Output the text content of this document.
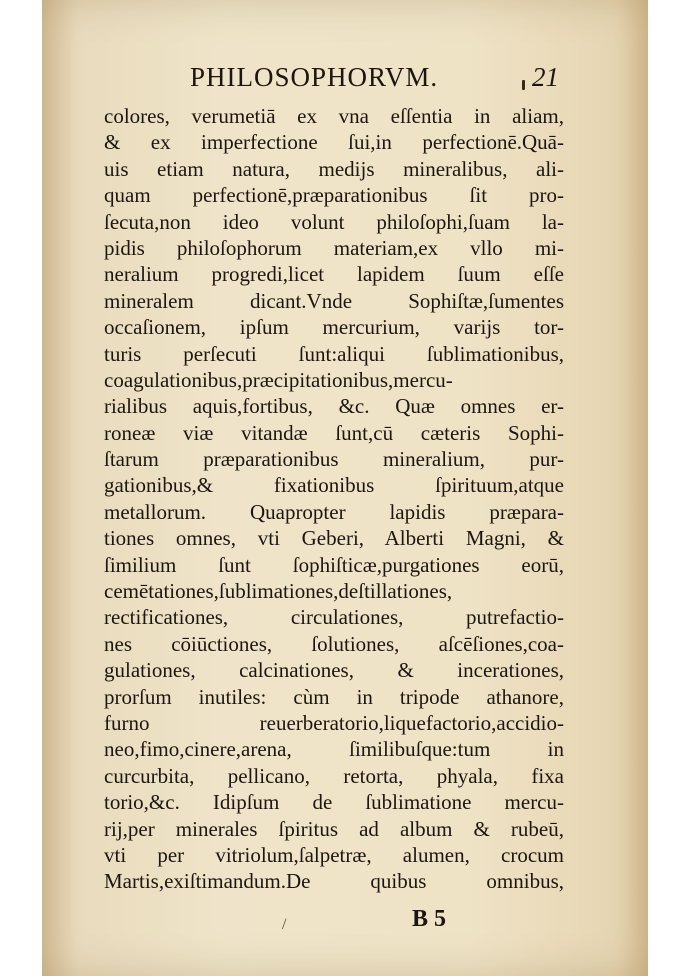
PHILOSOPHORVM.	21
colores, verumetiā ex vna eſſentia in aliam,
& ex imperfectione ſui,in perfectionē.Quā-
uis etiam natura, medijs mineralibus, ali-
quam perfectionē,præparationibus ſit pro-
ſecuta,non ideo volunt philoſophi,ſuam la-
pidis philoſophorum materiam,ex vllo mi-
neralium progredi,licet lapidem ſuum eſſe
mineralem dicant.Vnde Sophiſtæ,ſumentes
occaſionem, ipſum mercurium, varijs tor-
turis perſecuti ſunt:aliqui ſublimationibus,
coagulationibus,præcipitationibus,mercu-
rialibus aquis,fortibus, &c. Quæ omnes er-
roneæ viæ vitandæ ſunt,cū cæteris Sophi-
ſtarum præparationibus mineralium, pur-
gationibus,& fixationibus ſpirituum,atque
metallorum. Quapropter lapidis præpara-
tiones omnes, vti Geberi, Alberti Magni, &
ſimilium ſunt ſophiſticæ,purgationes eorū,
cemētationes,ſublimationes,deſtillationes,
rectificationes, circulationes, putrefactio-
nes cōiūctiones, ſolutiones, aſcēſiones,coa-
gulationes, calcinationes, & incerationes,
prorſum inutiles: cùm in tripode athanore,
furno reuerberatorio,liquefactorio,accidio-
neo,fimo,cinere,arena, ſimilibuſque:tum in
curcurbita, pellicano, retorta, phyala, fixa
torio,&c. Idipſum de ſublimatione mercu-
rij,per minerales ſpiritus ad album & rubeū,
vti per vitriolum,ſalpetræ, alumen, crocum
Martis,exiſtimandum.De quibus omnibus,
/	B 5
